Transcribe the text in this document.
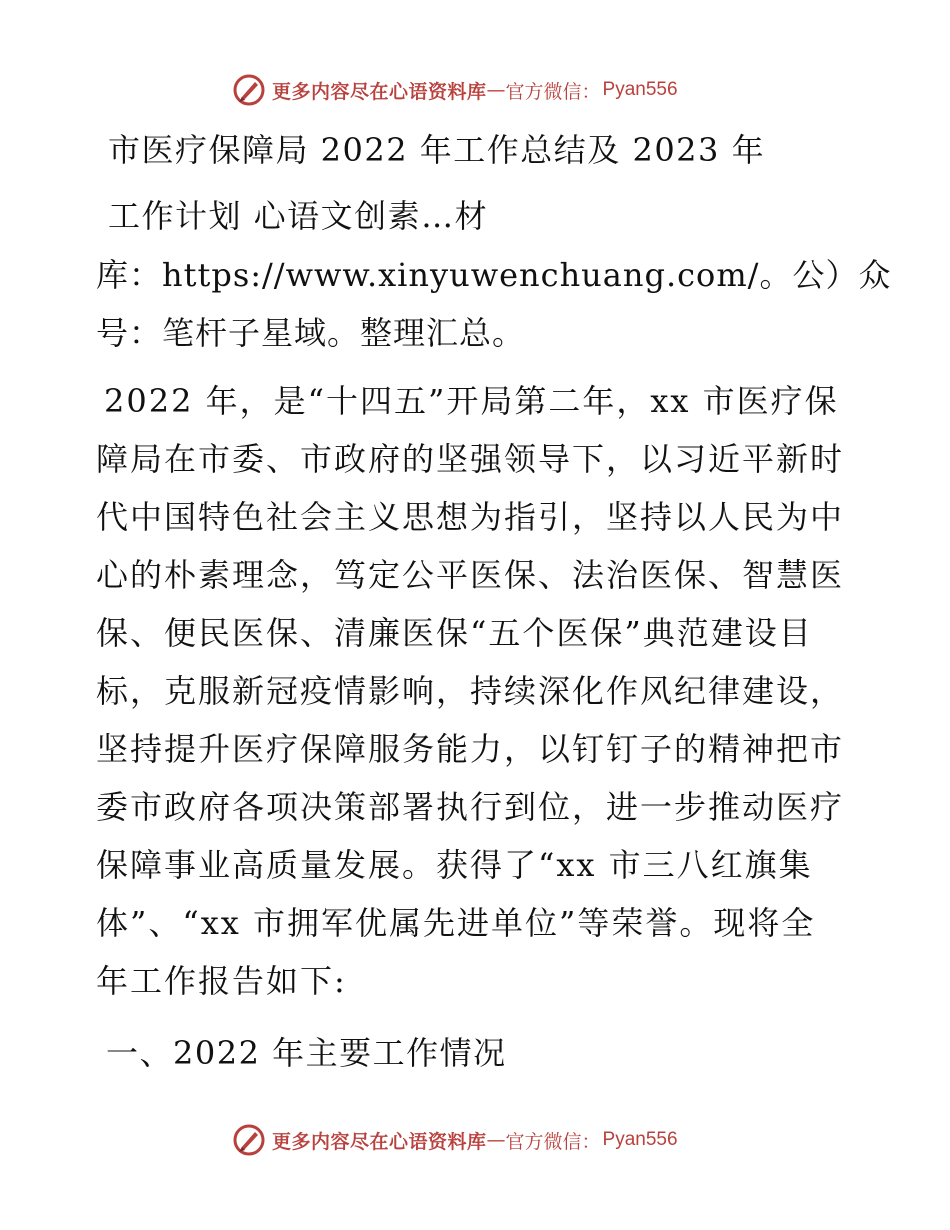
更多内容尽在心语资料库 — 官方微信： Pyan556
市医疗保障局 2022 年工作总结及 2023 年
工作计划 心语文创素…材
库：https://www.xinyuwenchuang.com/。公）众
号：笔杆子星域。整理汇总。
2022 年，是“十四五”开局第二年，xx 市医疗保
障局在市委、市政府的坚强领导下，以习近平新时
代中国特色社会主义思想为指引，坚持以人民为中
心的朴素理念，笃定公平医保、法治医保、智慧医
保、便民医保、清廉医保“五个医保”典范建设目
标，克服新冠疫情影响，持续深化作风纪律建设，
坚持提升医疗保障服务能力，以钉钉子的精神把市
委市政府各项决策部署执行到位，进一步推动医疗
保障事业高质量发展。获得了“xx 市三八红旗集
体”、“xx 市拥军优属先进单位”等荣誉。现将全
年工作报告如下:
一、2022 年主要工作情况
更多内容尽在心语资料库 — 官方微信： Pyan556
